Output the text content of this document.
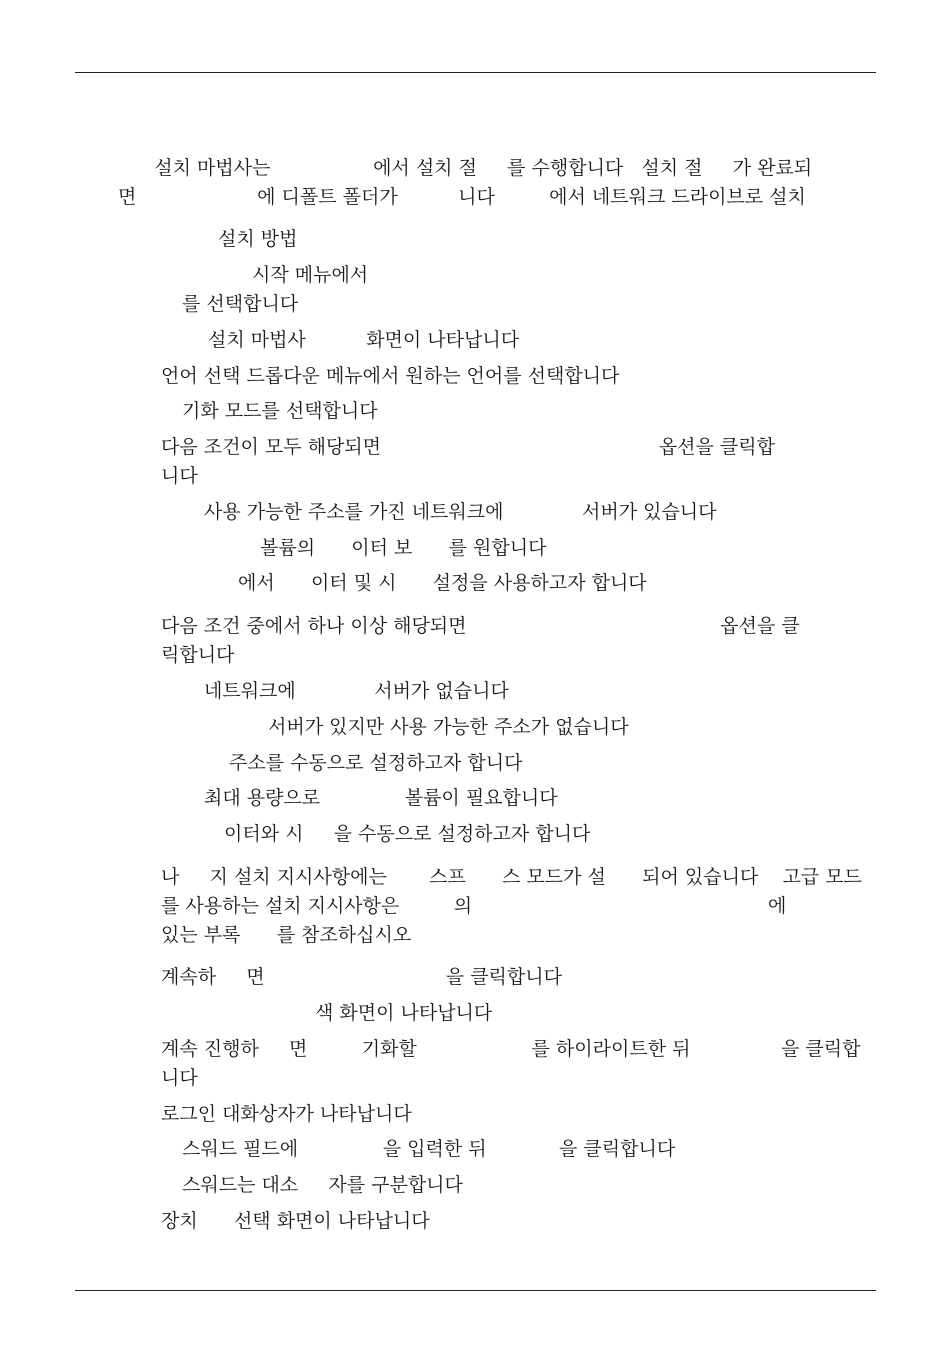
설치 마법사는                 에서 설치 절     를 수행합니다   설치 절     가 완료되
면                    에 디폴트 폴더가          니다         에서 네트워크 드라이브로 설치
설치 방법
시작 메뉴에서
를 선택합니다
설치 마법사          화면이 나타납니다
언어 선택 드롭다운 메뉴에서 원하는 언어를 선택합니다
기화 모드를 선택합니다
다음 조건이 모두 해당되면                                              옵션을 클릭합
니다
사용 가능한 주소를 가진 네트워크에             서버가 있습니다
볼륨의      이터 보      를 원합니다
에서      이터 및 시      설정을 사용하고자 합니다
다음 조건 중에서 하나 이상 해당되면                                          옵션을 클
릭합니다
네트워크에             서버가 없습니다
서버가 있지만 사용 가능한 주소가 없습니다
주소를 수동으로 설정하고자 합니다
최대 용량으로              볼륨이 필요합니다
이터와 시     을 수동으로 설정하고자 합니다
나     지 설치 지시사항에는       스프      스 모드가 설      되어 있습니다    고급 모드
를 사용하는 설치 지시사항은         의                                                 에
있는 부록      를 참조하십시오
계속하     면                              을 클릭합니다
색 화면이 나타납니다
계속 진행하     면         기화할                   를 하이라이트한 뒤               을 클릭합
니다
로그인 대화상자가 나타납니다
스워드 필드에              을 입력한 뒤            을 클릭합니다
스워드는 대소     자를 구분합니다
장치      선택 화면이 나타납니다
